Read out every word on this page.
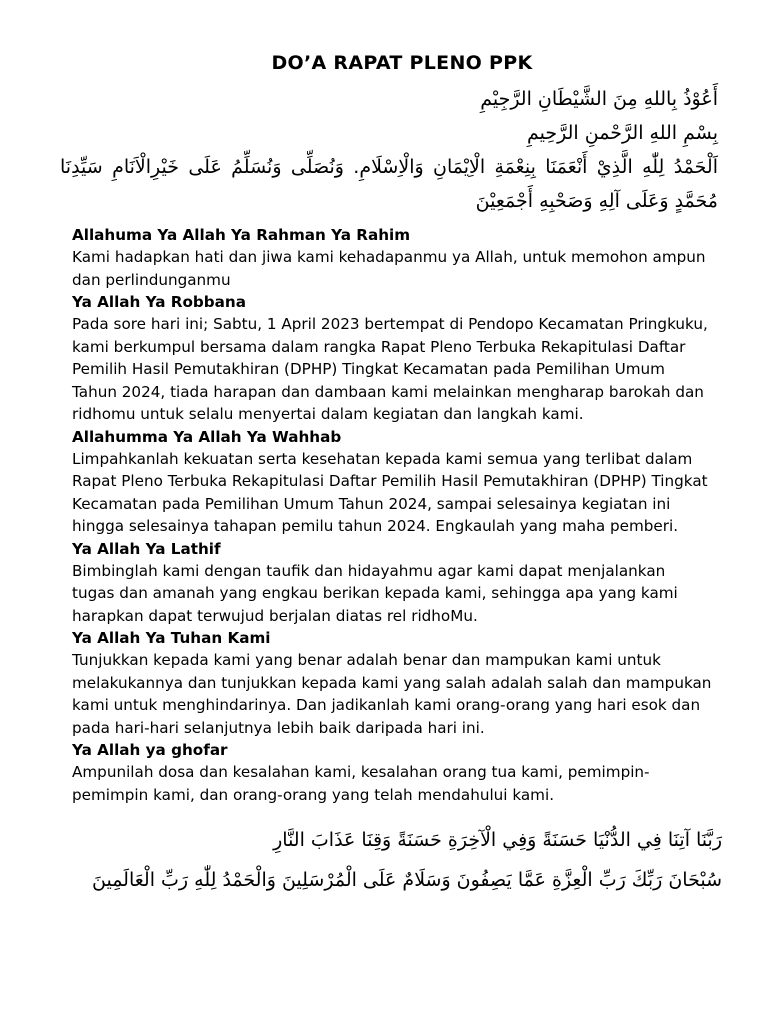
DO’A RAPAT PLENO PPK

أَعُوْذُ بِاللهِ مِنَ الشَّيْطَانِ الرَّجِيْمِ

بِسْمِ اللهِ الرَّحْمنِ الرَّحِيمِ

اَلْحَمْدُ لِلّٰهِ الَّذِيْ أَنْعَمَنَا بِنِعْمَةِ الْاِيْمَانِ وَالْاِسْلَامِ. وَنُصَلِّى وَنُسَلِّمُ عَلَى خَيْرِالْاَنَامِ سَيِّدِنَا مُحَمَّدٍ وَعَلَى آلِهِ وَصَحْبِهِ أَجْمَعِيْنَ

Allahuma Ya Allah Ya Rahman Ya Rahim

Kami hadapkan hati dan jiwa kami kehadapanmu ya Allah, untuk memohon ampun dan perlindunganmu

Ya Allah Ya Robbana

Pada sore hari ini; Sabtu, 1 April 2023 bertempat di Pendopo Kecamatan Pringkuku, kami berkumpul bersama dalam rangka Rapat Pleno Terbuka Rekapitulasi Daftar Pemilih Hasil Pemutakhiran (DPHP) Tingkat Kecamatan pada Pemilihan Umum Tahun 2024, tiada harapan dan dambaan kami melainkan mengharap barokah dan ridhomu untuk selalu menyertai dalam kegiatan dan langkah kami.

Allahumma Ya Allah Ya Wahhab

Limpahkanlah kekuatan serta kesehatan kepada kami semua yang terlibat dalam Rapat Pleno Terbuka Rekapitulasi Daftar Pemilih Hasil Pemutakhiran (DPHP) Tingkat Kecamatan pada Pemilihan Umum Tahun 2024, sampai selesainya kegiatan ini hingga selesainya tahapan pemilu tahun 2024. Engkaulah yang maha pemberi.

Ya Allah Ya Lathif

Bimbinglah kami dengan taufik dan hidayahmu agar kami dapat menjalankan tugas dan amanah yang engkau berikan kepada kami, sehingga apa yang kami harapkan dapat terwujud berjalan diatas rel ridhoMu.

Ya Allah Ya Tuhan Kami

Tunjukkan kepada kami yang benar adalah benar dan mampukan kami untuk melakukannya dan tunjukkan kepada kami yang salah adalah salah dan mampukan kami untuk menghindarinya. Dan jadikanlah kami orang-orang yang hari esok dan pada hari-hari selanjutnya lebih baik daripada hari ini.

Ya Allah ya ghofar

Ampunilah dosa dan kesalahan kami, kesalahan orang tua kami, pemimpin-pemimpin kami, dan orang-orang yang telah mendahului kami.

رَبَّنَا آتِنَا فِي الدُّنْيَا حَسَنَةً وَفِي الْآخِرَةِ حَسَنَةً وَقِنَا عَذَابَ النَّارِ

سُبْحَانَ رَبِّكَ رَبِّ الْعِزَّةِ عَمَّا يَصِفُونَ وَسَلَامٌ عَلَى الْمُرْسَلِينَ وَالْحَمْدُ لِلّٰهِ رَبِّ الْعَالَمِينَ
